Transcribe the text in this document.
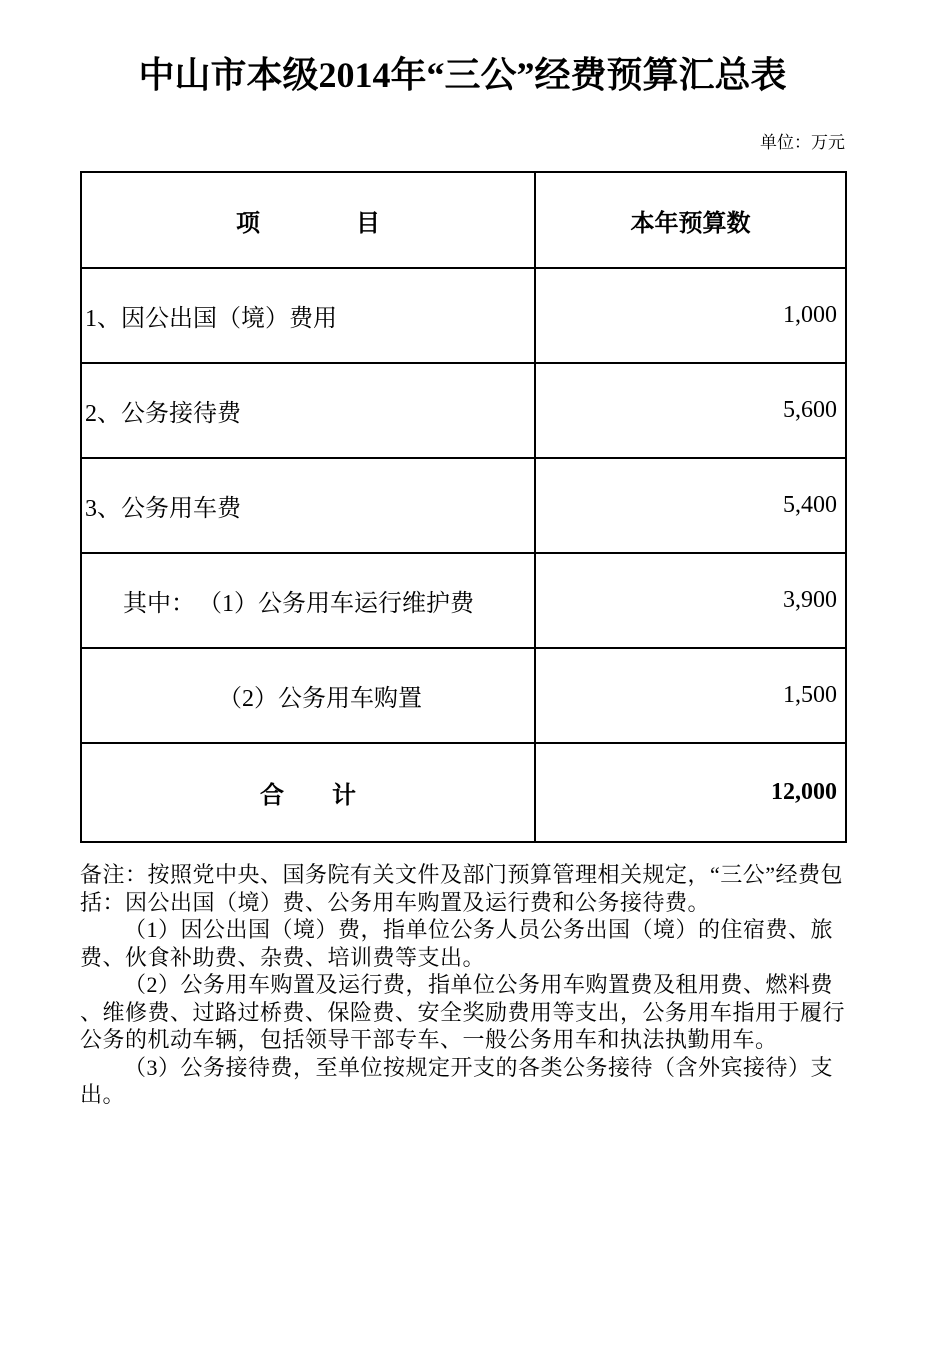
中山市本级2014年“三公”经费预算汇总表
单位：万元
项　　　　目	本年预算数
1、因公出国（境）费用	1,000
2、公务接待费	5,600
3、公务用车费	5,400
其中： （1）公务用车运行维护费	3,900
（2）公务用车购置	1,500
合　　计	12,000

备注：按照党中央、国务院有关文件及部门预算管理相关规定，“三公”经费包括：因公出国（境）费、公务用车购置及运行费和公务接待费。

（1）因公出国（境）费，指单位公务人员公务出国（境）的住宿费、旅费、伙食补助费、杂费、培训费等支出。

（2）公务用车购置及运行费，指单位公务用车购置费及租用费、燃料费、维修费、过路过桥费、保险费、安全奖励费用等支出，公务用车指用于履行公务的机动车辆，包括领导干部专车、一般公务用车和执法执勤用车。

（3）公务接待费，至单位按规定开支的各类公务接待（含外宾接待）支出。
